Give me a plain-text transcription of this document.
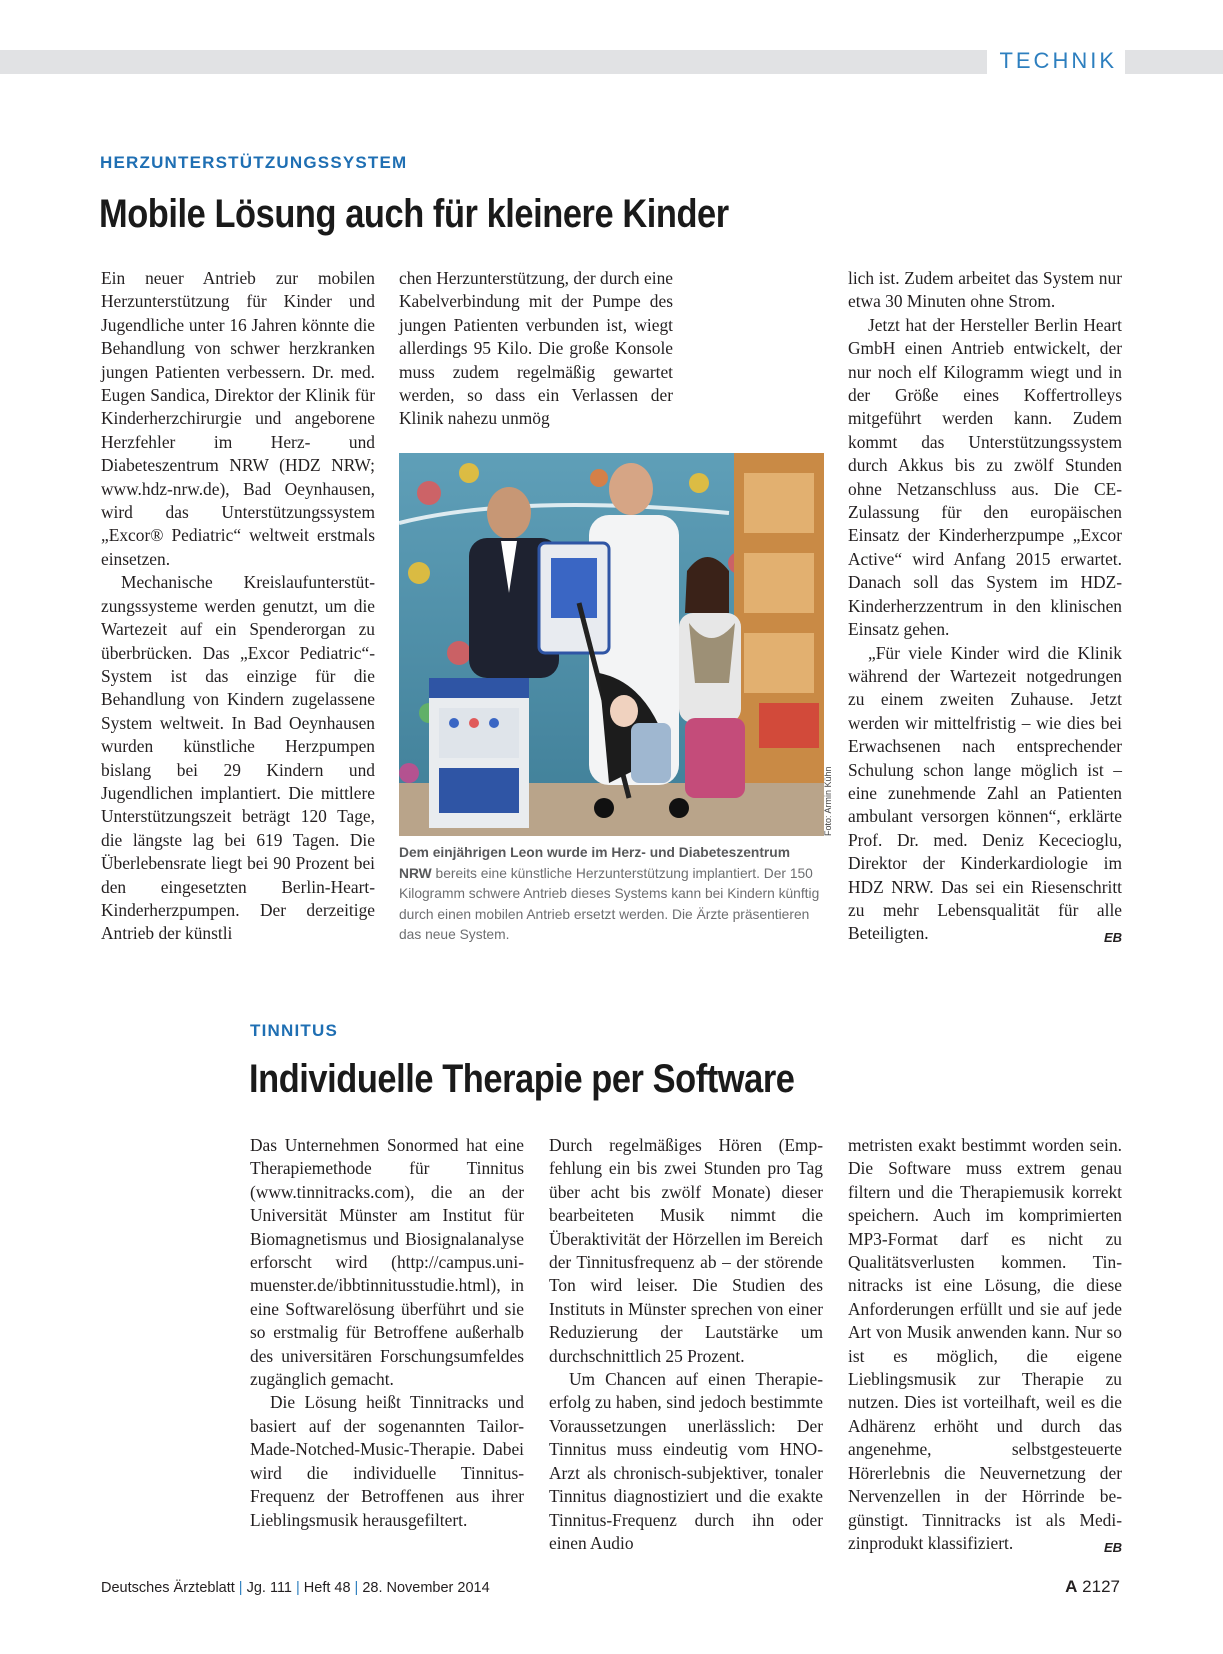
TECHNIK
HERZUNTERSTÜTZUNGSSYSTEM
Mobile Lösung auch für kleinere Kinder

Ein neuer Antrieb zur mobilen Herzunterstützung für Kinder und Jugendliche unter 16 Jahren könnte die Behandlung von schwer herzkranken jungen Patienten verbessern. Dr. med. Eugen Sandica, Direktor der Klinik für Kinderherzchirurgie und angeborene Herzfehler im Herz- und Diabeteszentrum NRW (HDZ NRW; www.hdz-nrw.de), Bad Oeynhausen, wird das Unterstützungssystem „Excor® Pediatric“ weltweit erstmals einsetzen.

Mechanische Kreislaufunterstützungssysteme werden genutzt, um die Wartezeit auf ein Spenderorgan zu überbrücken. Das „Excor Pediatric“-System ist das einzige für die Behandlung von Kindern zugelassene System weltweit. In Bad Oeynhausen wurden künstliche Herzpumpen bislang bei 29 Kindern und Jugendlichen implantiert. Die mittlere Unterstützungszeit beträgt 120 Tage, die längste lag bei 619 Tagen. Die Überlebensrate liegt bei 90 Prozent bei den eingesetzten Berlin-Heart-Kinderherzpumpen. Der derzeitige Antrieb der künstli

chen Herzunterstützung, der durch eine Kabelverbindung mit der Pumpe des jungen Patienten verbunden ist, wiegt allerdings 95 Kilo. Die große Konsole muss zudem regelmäßig gewartet werden, so dass ein Verlassen der Klinik nahezu unmög

Foto: Armin Kühn
Dem einjährigen Leon wurde im Herz- und Diabeteszentrum NRW bereits eine künstliche Herzunterstützung implantiert. Der 150 Kilogramm schwere Antrieb dieses Systems kann bei Kindern künftig durch einen mobilen Antrieb ersetzt werden. Die Ärzte präsentieren das neue System.

lich ist. Zudem arbeitet das System nur etwa 30 Minuten ohne Strom.

Jetzt hat der Hersteller Berlin Heart GmbH einen Antrieb entwickelt, der nur noch elf Kilogramm wiegt und in der Größe eines Koffertrolleys mitgeführt werden kann. Zudem kommt das Unterstützungssystem durch Akkus bis zu zwölf Stunden ohne Netzanschluss aus. Die CE-Zulassung für den europäischen Einsatz der Kinderherzpumpe „Excor Active“ wird Anfang 2015 erwartet. Danach soll das System im HDZ-Kinderherzzentrum in den klinischen Einsatz gehen.

„Für viele Kinder wird die Klinik während der Wartezeit notgedrungen zu einem zweiten Zuhause. Jetzt werden wir mittelfristig – wie dies bei Erwachsenen nach entsprechender Schulung schon lange möglich ist – eine zunehmende Zahl an Patienten ambulant versorgen können“, erklärte Prof. Dr. med. Deniz Kececioglu, Direktor der Kinderkardiologie im HDZ NRW. Das sei ein Riesenschritt zu mehr Lebensqualität für alle Beteiligten.	EB

TINNITUS
Individuelle Therapie per Software

Das Unternehmen Sonormed hat eine Therapiemethode für Tinnitus (www.tinnitracks.com), die an der Universität Münster am Institut für Biomagnetismus und Biosignalanalyse erforscht wird (http://campus.uni-muenster.de/ibbtinnitusstudie.html), in eine Softwarelösung überführt und sie so erstmalig für Betroffene außerhalb des universitären Forschungsumfeldes zugänglich gemacht.

Die Lösung heißt Tinnitracks und basiert auf der sogenannten Tailor-Made-Notched-Music-Therapie. Dabei wird die individuelle Tinnitus-Frequenz der Betroffenen aus ihrer Lieblingsmusik herausgefiltert.

Durch regelmäßiges Hören (Empfehlung ein bis zwei Stunden pro Tag über acht bis zwölf Monate) dieser bearbeiteten Musik nimmt die Überaktivität der Hörzellen im Bereich der Tinnitusfrequenz ab – der störende Ton wird leiser. Die Studien des Instituts in Münster sprechen von einer Reduzierung der Lautstärke um durchschnittlich 25 Prozent.

Um Chancen auf einen Therapieerfolg zu haben, sind jedoch bestimmte Voraussetzungen unerlässlich: Der Tinnitus muss eindeutig vom HNO-Arzt als chronisch-subjektiver, tonaler Tinnitus diagnostiziert und die exakte Tinnitus-Frequenz durch ihn oder einen Audio

metristen exakt bestimmt worden sein. Die Software muss extrem genau filtern und die Therapiemusik korrekt speichern. Auch im komprimierten MP3-Format darf es nicht zu Qualitätsverlusten kommen. Tinnitracks ist eine Lösung, die diese Anforderungen erfüllt und sie auf jede Art von Musik anwenden kann. Nur so ist es möglich, die eigene Lieblingsmusik zur Therapie zu nutzen. Dies ist vorteilhaft, weil es die Adhärenz erhöht und durch das angenehme, selbstgesteuerte Hörerlebnis die Neuvernetzung der Nervenzellen in der Hörrinde begünstigt. Tinnitracks ist als Medizinprodukt klassifiziert.	EB

Deutsches Ärzteblatt | Jg. 111 | Heft 48 | 28. November 2014	A 2127
